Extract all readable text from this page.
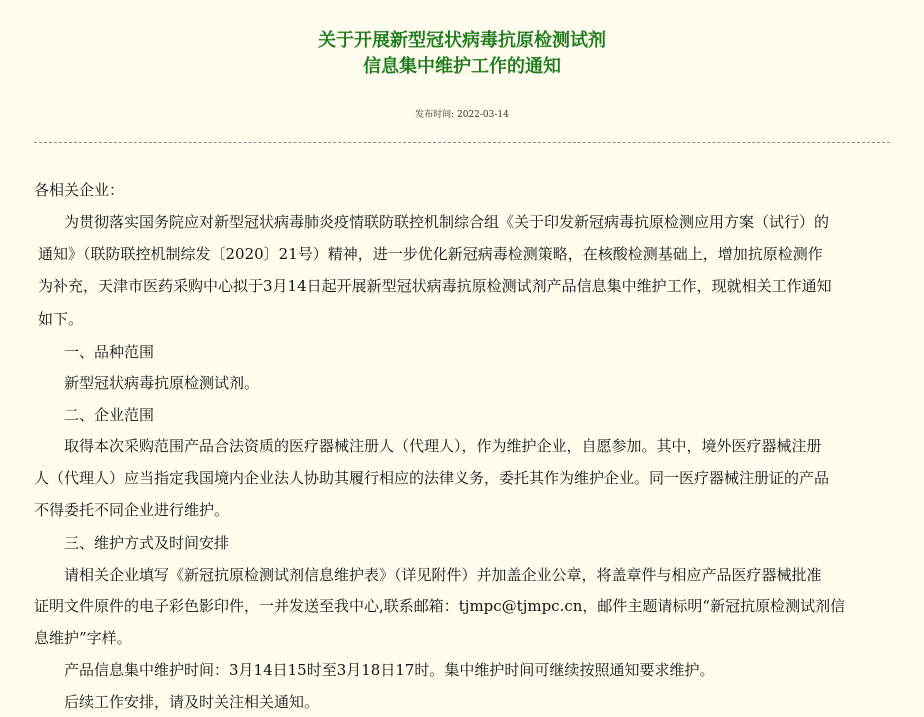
关于开展新型冠状病毒抗原检测试剂
信息集中维护工作的通知
发布时间: 2022-03-14
各相关企业：
为贯彻落实国务院应对新型冠状病毒肺炎疫情联防联控机制综合组《关于印发新冠病毒抗原检测应用方案（试行）的
通知》（联防联控机制综发〔2020〕21号）精神，进一步优化新冠病毒检测策略，在核酸检测基础上，增加抗原检测作
为补充，天津市医药采购中心拟于3月14日起开展新型冠状病毒抗原检测试剂产品信息集中维护工作，现就相关工作通知
如下。
一、品种范围
新型冠状病毒抗原检测试剂。
二、企业范围
取得本次采购范围产品合法资质的医疗器械注册人（代理人），作为维护企业，自愿参加。其中，境外医疗器械注册
人（代理人）应当指定我国境内企业法人协助其履行相应的法律义务，委托其作为维护企业。同一医疗器械注册证的产品
不得委托不同企业进行维护。
三、维护方式及时间安排
请相关企业填写《新冠抗原检测试剂信息维护表》（详见附件）并加盖企业公章，将盖章件与相应产品医疗器械批准
证明文件原件的电子彩色影印件，一并发送至我中心,联系邮箱：tjmpc@tjmpc.cn，邮件主题请标明“新冠抗原检测试剂信
息维护”字样。
产品信息集中维护时间：3月14日15时至3月18日17时。集中维护时间可继续按照通知要求维护。
后续工作安排，请及时关注相关通知。
